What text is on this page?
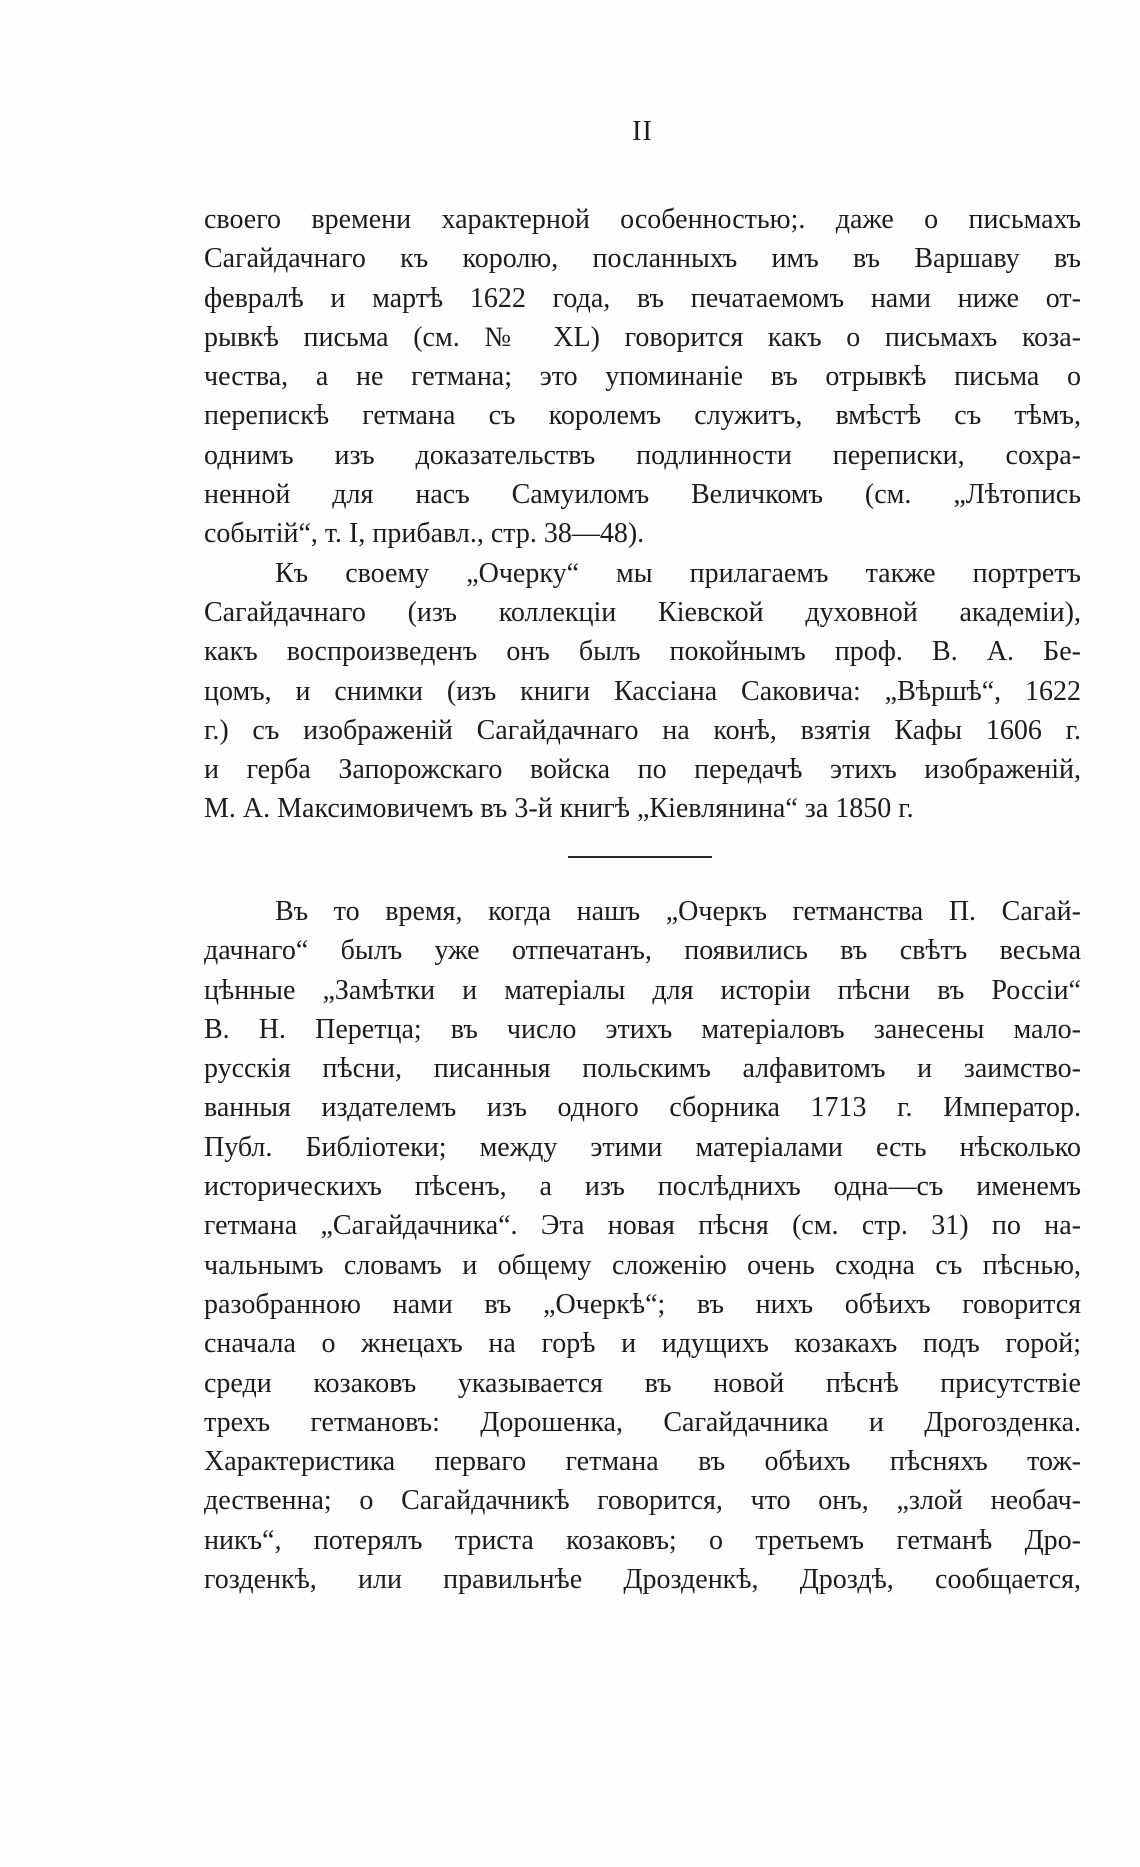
II
своего времени характерной особенностью;. даже о письмахъ
Сагайдачнаго къ королю, посланныхъ имъ въ Варшаву въ
февралѣ и мартѣ 1622 года, въ печатаемомъ нами ниже от-
рывкѣ письма (см. № XL) говорится какъ о письмахъ коза-
чества, а не гетмана; это упоминаніе въ отрывкѣ письма о
перепискѣ гетмана съ королемъ служитъ, вмѣстѣ съ тѣмъ,
однимъ изъ доказательствъ подлинности переписки, сохра-
ненной для насъ Самуиломъ Величкомъ (см. „Лѣтопись
событій“, т. I, прибавл., стр. 38—48).
Къ своему „Очерку“ мы прилагаемъ также портретъ
Сагайдачнаго (изъ коллекціи Кіевской духовной академіи),
какъ воспроизведенъ онъ былъ покойнымъ проф. В. А. Бе-
цомъ, и снимки (изъ книги Кассіана Саковича: „Вѣршѣ“, 1622
г.) съ изображеній Сагайдачнаго на конѣ, взятія Кафы 1606 г.
и герба Запорожскаго войска по передачѣ этихъ изображеній,
М. А. Максимовичемъ въ 3-й книгѣ „Кіевлянина“ за 1850 г.
Въ то время, когда нашъ „Очеркъ гетманства П. Сагай-
дачнаго“ былъ уже отпечатанъ, появились въ свѣтъ весьма
цѣнные „Замѣтки и матеріалы для исторіи пѣсни въ Россіи“
В. Н. Перетца; въ число этихъ матеріаловъ занесены мало-
русскія пѣсни, писанныя польскимъ алфавитомъ и заимство-
ванныя издателемъ изъ одного сборника 1713 г. Император.
Публ. Библіотеки; между этими матеріалами есть нѣсколько
историческихъ пѣсенъ, а изъ послѣднихъ одна—съ именемъ
гетмана „Сагайдачника“. Эта новая пѣсня (см. стр. 31) по на-
чальнымъ словамъ и общему сложенію очень сходна съ пѣснью,
разобранною нами въ „Очеркѣ“; въ нихъ обѣихъ говорится
сначала о жнецахъ на горѣ и идущихъ козакахъ подъ горой;
среди козаковъ указывается въ новой пѣснѣ присутствіе
трехъ гетмановъ: Дорошенка, Сагайдачника и Дрогозденка.
Характеристика перваго гетмана въ обѣихъ пѣсняхъ тож-
дественна; о Сагайдачникѣ говорится, что онъ, „злой необач-
никъ“, потерялъ триста козаковъ; о третьемъ гетманѣ Дро-
гозденкѣ, или правильнѣе Дрозденкѣ, Дроздѣ, сообщается,
